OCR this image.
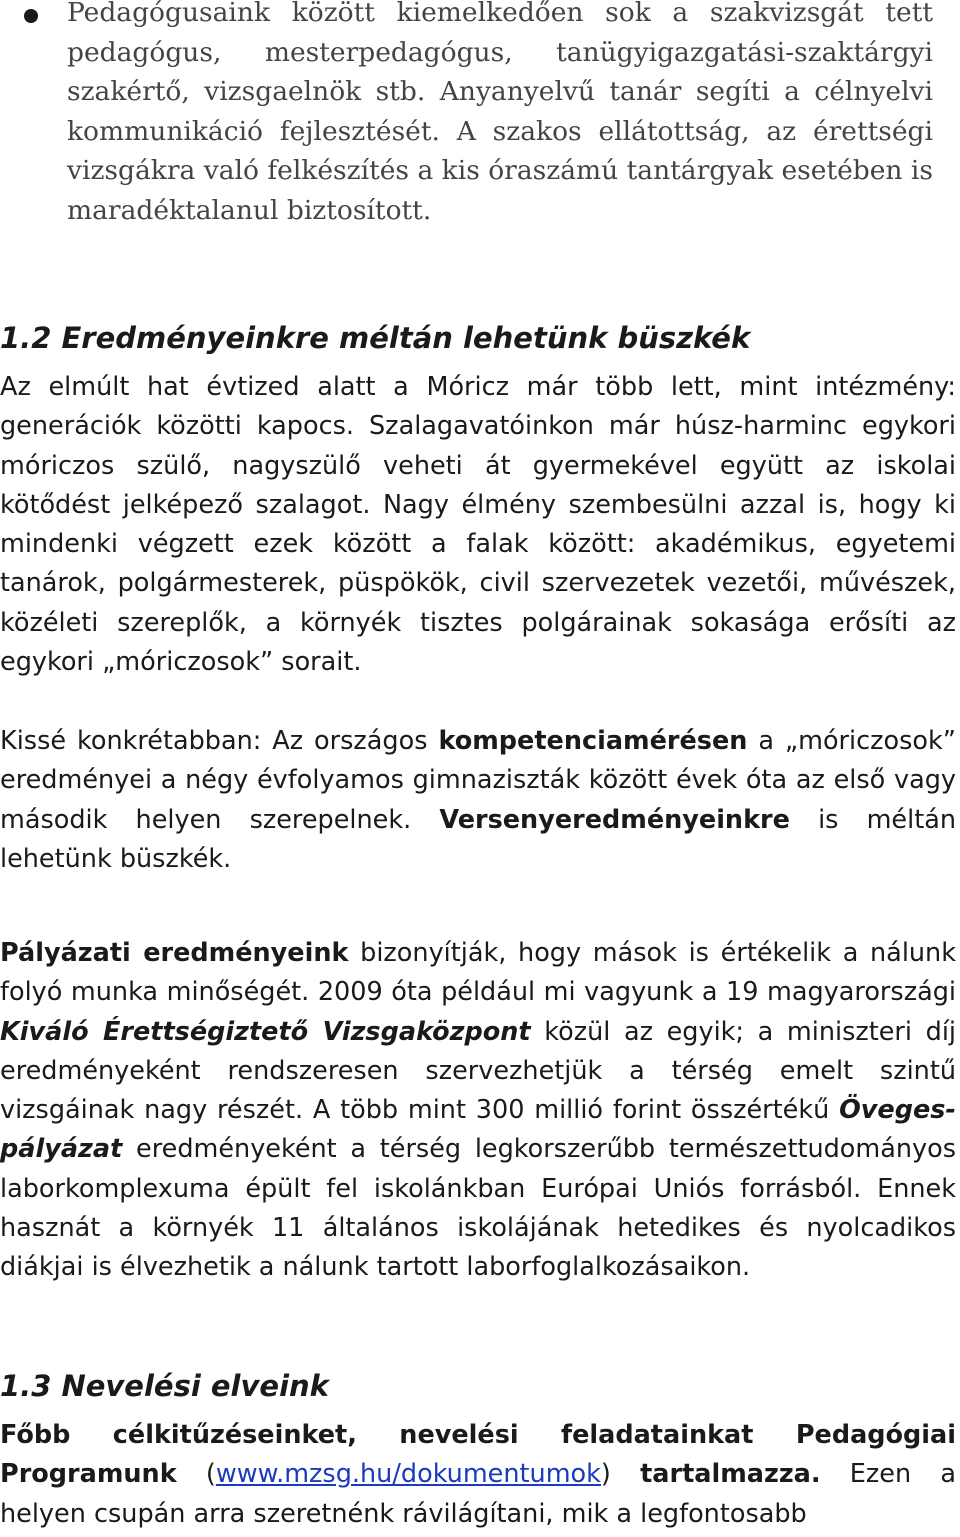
Pedagógusaink között kiemelkedően sok a szakvizsgát tett pedagógus, mesterpedagógus, tanügyigazgatási-szaktárgyi szakértő, vizsgaelnök stb. Anyanyelvű tanár segíti a célnyelvi kommunikáció fejlesztését. A szakos ellátottság, az érettségi vizsgákra való felkészítés a kis óraszámú tantárgyak esetében is maradéktalanul biztosított.

1.2 Eredményeinkre méltán lehetünk büszkék

Az elmúlt hat évtized alatt a Móricz már több lett, mint intézmény: generációk közötti kapocs. Szalagavatóinkon már húsz-harminc egykori móriczos szülő, nagyszülő veheti át gyermekével együtt az iskolai kötődést jelképező szalagot. Nagy élmény szembesülni azzal is, hogy ki mindenki végzett ezek között a falak között: akadémikus, egyetemi tanárok, polgármesterek, püspökök, civil szervezetek vezetői, művészek, közéleti szereplők, a környék tisztes polgárainak sokasága erősíti az egykori „móriczosok” sorait.

Kissé konkrétabban: Az országos kompetenciamérésen a „móriczosok” eredményei a négy évfolyamos gimnaziszták között évek óta az első vagy második helyen szerepelnek. Versenyeredményeinkre is méltán lehetünk büszkék.

Pályázati eredményeink bizonyítják, hogy mások is értékelik a nálunk folyó munka minőségét. 2009 óta például mi vagyunk a 19 magyarországi Kiváló Érettségiztető Vizsgaközpont közül az egyik; a miniszteri díj eredményeként rendszeresen szervezhetjük a térség emelt szintű vizsgáinak nagy részét. A több mint 300 millió forint összértékű Öveges-pályázat eredményeként a térség legkorszerűbb természettudományos laborkomplexuma épült fel iskolánkban Európai Uniós forrásból. Ennek hasznát a környék 11 általános iskolájának hetedikes és nyolcadikos diákjai is élvezhetik a nálunk tartott laborfoglalkozásaikon.

1.3 Nevelési elveink

Főbb célkitűzéseinket, nevelési feladatainkat Pedagógiai Programunk (www.mzsg.hu/dokumentumok) tartalmazza. Ezen a helyen csupán arra szeretnénk rávilágítani, mik a legfontosabb
